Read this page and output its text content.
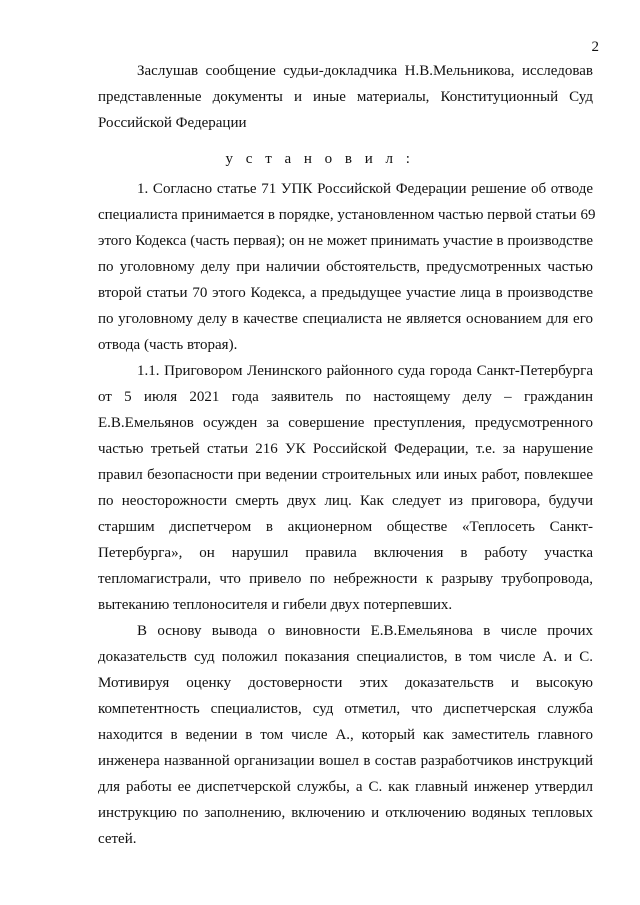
2
Заслушав сообщение судьи-докладчика Н.В.Мельникова, исследовав
представленные документы и иные материалы, Конституционный Суд
Российской Федерации
у с т а н о в и л :
1. Согласно статье 71 УПК Российской Федерации решение об отводе
специалиста принимается в порядке, установленном частью первой статьи 69
этого Кодекса (часть первая); он не может принимать участие в производстве
по уголовному делу при наличии обстоятельств, предусмотренных частью
второй статьи 70 этого Кодекса, а предыдущее участие лица в производстве
по уголовному делу в качестве специалиста не является основанием для его
отвода (часть вторая).
1.1. Приговором Ленинского районного суда города Санкт-Петербурга
от 5 июля 2021 года заявитель по настоящему делу – гражданин
Е.В.Емельянов осужден за совершение преступления, предусмотренного
частью третьей статьи 216 УК Российской Федерации, т.е. за нарушение
правил безопасности при ведении строительных или иных работ, повлекшее
по неосторожности смерть двух лиц. Как следует из приговора, будучи
старшим диспетчером в акционерном обществе «Теплосеть Санкт-
Петербурга», он нарушил правила включения в работу участка
тепломагистрали, что привело по небрежности к разрыву трубопровода,
вытеканию теплоносителя и гибели двух потерпевших.
В основу вывода о виновности Е.В.Емельянова в числе прочих
доказательств суд положил показания специалистов, в том числе А. и С.
Мотивируя оценку достоверности этих доказательств и высокую
компетентность специалистов, суд отметил, что диспетчерская служба
находится в ведении в том числе А., который как заместитель главного
инженера названной организации вошел в состав разработчиков инструкций
для работы ее диспетчерской службы, а С. как главный инженер утвердил
инструкцию по заполнению, включению и отключению водяных тепловых
сетей.
